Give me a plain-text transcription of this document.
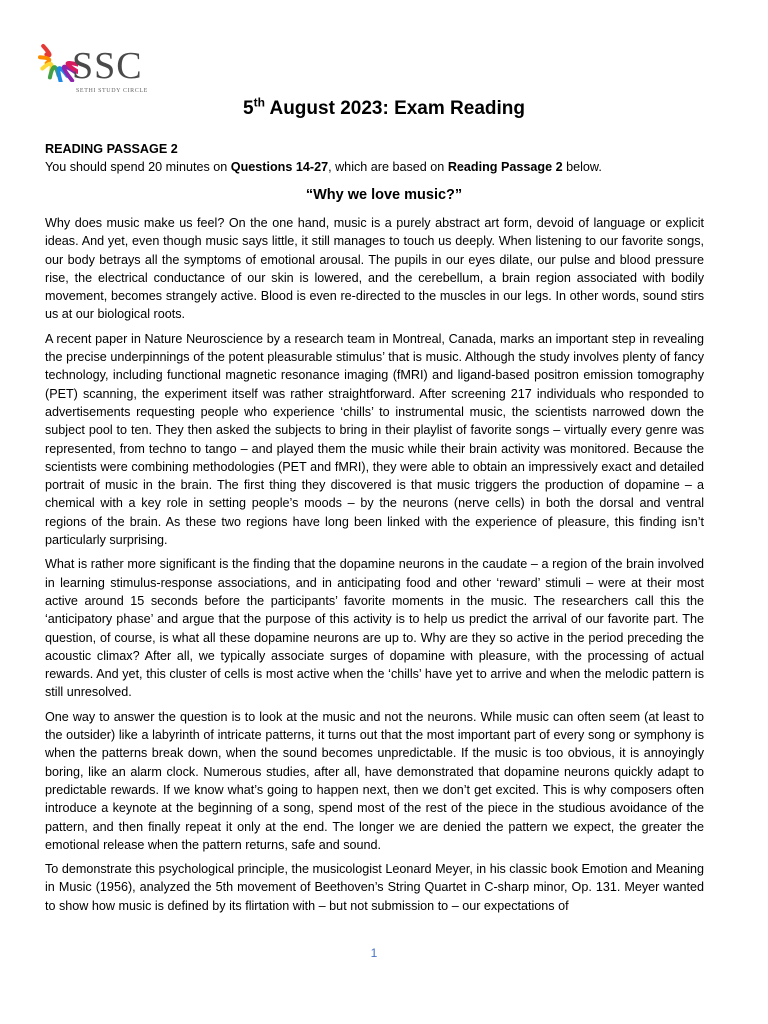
SSC
SETHI STUDY CIRCLE
5th August 2023: Exam Reading
READING PASSAGE 2
You should spend 20 minutes on Questions 14-27, which are based on Reading Passage 2 below.
“Why we love music?”

Why does music make us feel? On the one hand, music is a purely abstract art form, devoid of language or explicit ideas. And yet, even though music says little, it still manages to touch us deeply. When listening to our favorite songs, our body betrays all the symptoms of emotional arousal. The pupils in our eyes dilate, our pulse and blood pressure rise, the electrical conductance of our skin is lowered, and the cerebellum, a brain region associated with bodily movement, becomes strangely active. Blood is even re-directed to the muscles in our legs. In other words, sound stirs us at our biological roots.

A recent paper in Nature Neuroscience by a research team in Montreal, Canada, marks an important step in revealing the precise underpinnings of the potent pleasurable stimulus’ that is music. Although the study involves plenty of fancy technology, including functional magnetic resonance imaging (fMRI) and ligand-based positron emission tomography (PET) scanning, the experiment itself was rather straightforward. After screening 217 individuals who responded to advertisements requesting people who experience ‘chills’ to instrumental music, the scientists narrowed down the subject pool to ten. They then asked the subjects to bring in their playlist of favorite songs – virtually every genre was represented, from techno to tango – and played them the music while their brain activity was monitored. Because the scientists were combining methodologies (PET and fMRI), they were able to obtain an impressively exact and detailed portrait of music in the brain. The first thing they discovered is that music triggers the production of dopamine – a chemical with a key role in setting people’s moods – by the neurons (nerve cells) in both the dorsal and ventral regions of the brain. As these two regions have long been linked with the experience of pleasure, this finding isn’t particularly surprising.

What is rather more significant is the finding that the dopamine neurons in the caudate – a region of the brain involved in learning stimulus-response associations, and in anticipating food and other ‘reward’ stimuli – were at their most active around 15 seconds before the participants’ favorite moments in the music. The researchers call this the ‘anticipatory phase’ and argue that the purpose of this activity is to help us predict the arrival of our favorite part. The question, of course, is what all these dopamine neurons are up to. Why are they so active in the period preceding the acoustic climax? After all, we typically associate surges of dopamine with pleasure, with the processing of actual rewards. And yet, this cluster of cells is most active when the ‘chills’ have yet to arrive and when the melodic pattern is still unresolved.

One way to answer the question is to look at the music and not the neurons. While music can often seem (at least to the outsider) like a labyrinth of intricate patterns, it turns out that the most important part of every song or symphony is when the patterns break down, when the sound becomes unpredictable. If the music is too obvious, it is annoyingly boring, like an alarm clock. Numerous studies, after all, have demonstrated that dopamine neurons quickly adapt to predictable rewards. If we know what’s going to happen next, then we don’t get excited. This is why composers often introduce a keynote at the beginning of a song, spend most of the rest of the piece in the studious avoidance of the pattern, and then finally repeat it only at the end. The longer we are denied the pattern we expect, the greater the emotional release when the pattern returns, safe and sound.

To demonstrate this psychological principle, the musicologist Leonard Meyer, in his classic book Emotion and Meaning in Music (1956), analyzed the 5th movement of Beethoven’s String Quartet in C-sharp minor, Op. 131. Meyer wanted to show how music is defined by its flirtation with – but not submission to – our expectations of

1
